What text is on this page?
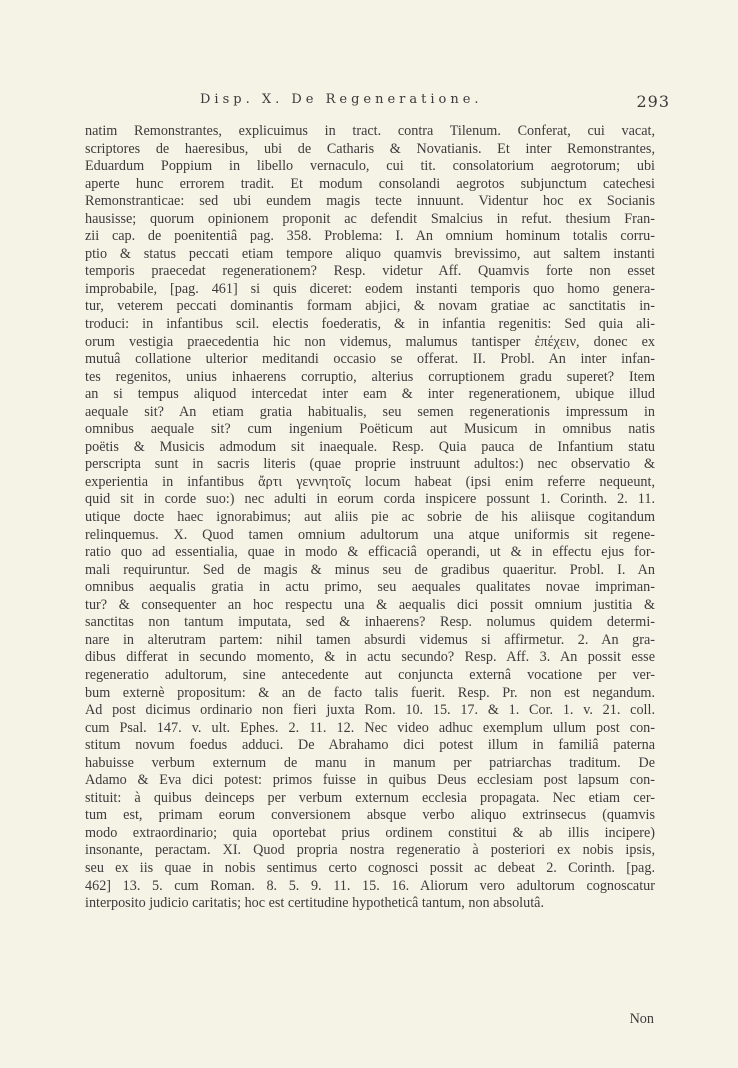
Disp. X. De Regeneratione.	293

natim Remonstrantes, explicuimus in tract. contra Tilenum. Conferat, cui vacat,
scriptores de haeresibus, ubi de Catharis & Novatianis. Et inter Remonstrantes,
Eduardum Poppium in libello vernaculo, cui tit. consolatorium aegrotorum; ubi
aperte hunc errorem tradit. Et modum consolandi aegrotos subjunctum catechesi
Remonstranticae: sed ubi eundem magis tecte innuunt. Videntur hoc ex Socianis
hausisse; quorum opinionem proponit ac defendit Smalcius in refut. thesium Fran-
zii cap. de poenitentiâ pag. 358. Problema: I. An omnium hominum totalis corru-
ptio & status peccati etiam tempore aliquo quamvis brevissimo, aut saltem instanti
temporis praecedat regenerationem? Resp. videtur Aff. Quamvis forte non esset
improbabile, [pag. 461] si quis diceret: eodem instanti temporis quo homo genera-
tur, veterem peccati dominantis formam abjici, & novam gratiae ac sanctitatis in-
troduci: in infantibus scil. electis foederatis, & in infantia regenitis: Sed quia ali-
orum vestigia praecedentia hic non videmus, malumus tantisper ἐπέχειν, donec ex
mutuâ collatione ulterior meditandi occasio se offerat. II. Probl. An inter infan-
tes regenitos, unius inhaerens corruptio, alterius corruptionem gradu superet? Item
an si tempus aliquod intercedat inter eam & inter regenerationem, ubique illud
aequale sit? An etiam gratia habitualis, seu semen regenerationis impressum in
omnibus aequale sit? cum ingenium Poëticum aut Musicum in omnibus natis
poëtis & Musicis admodum sit inaequale. Resp. Quia pauca de Infantium statu
perscripta sunt in sacris literis (quae proprie instruunt adultos:) nec observatio &
experientia in infantibus ἄρτι γεννητοῖς locum habeat (ipsi enim referre nequeunt,
quid sit in corde suo:) nec adulti in eorum corda inspicere possunt 1. Corinth. 2. 11.
utique docte haec ignorabimus; aut aliis pie ac sobrie de his aliisque cogitandum
relinquemus. X. Quod tamen omnium adultorum una atque uniformis sit regene-
ratio quo ad essentialia, quae in modo & efficaciâ operandi, ut & in effectu ejus for-
mali requiruntur. Sed de magis & minus seu de gradibus quaeritur. Probl. I. An
omnibus aequalis gratia in actu primo, seu aequales qualitates novae impriman-
tur? & consequenter an hoc respectu una & aequalis dici possit omnium justitia &
sanctitas non tantum imputata, sed & inhaerens? Resp. nolumus quidem determi-
nare in alterutram partem: nihil tamen absurdi videmus si affirmetur. 2. An gra-
dibus differat in secundo momento, & in actu secundo? Resp. Aff. 3. An possit esse
regeneratio adultorum, sine antecedente aut conjuncta externâ vocatione per ver-
bum externè propositum: & an de facto talis fuerit. Resp. Pr. non est negandum.
Ad post dicimus ordinario non fieri juxta Rom. 10. 15. 17. & 1. Cor. 1. v. 21. coll.
cum Psal. 147. v. ult. Ephes. 2. 11. 12. Nec video adhuc exemplum ullum post con-
stitum novum foedus adduci. De Abrahamo dici potest illum in familiâ paterna
habuisse verbum externum de manu in manum per patriarchas traditum. De
Adamo & Eva dici potest: primos fuisse in quibus Deus ecclesiam post lapsum con-
stituit: à quibus deinceps per verbum externum ecclesia propagata. Nec etiam cer-
tum est, primam eorum conversionem absque verbo aliquo extrinsecus (quamvis
modo extraordinario; quia oportebat prius ordinem constitui & ab illis incipere)
insonante, peractam. XI. Quod propria nostra regeneratio à posteriori ex nobis ipsis,
seu ex iis quae in nobis sentimus certo cognosci possit ac debeat 2. Corinth. [pag.
462] 13. 5. cum Roman. 8. 5. 9. 11. 15. 16. Aliorum vero adultorum cognoscatur
interposito judicio caritatis; hoc est certitudine hypotheticâ tantum, non absolutâ.

Non
